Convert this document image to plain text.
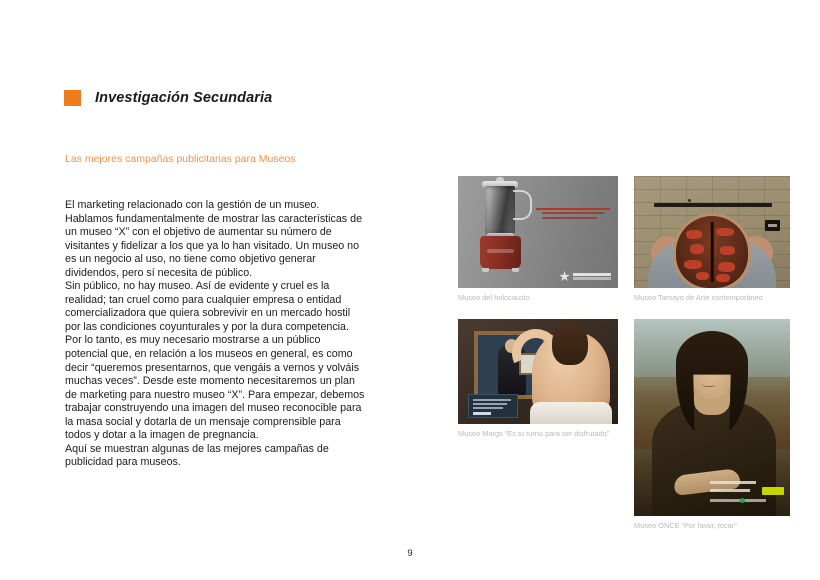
Investigación Secundaria
Las mejores campañas publicitarias para Museos

El marketing relacionado con la gestión de un museo. Hablamos fundamentalmente de mostrar las características de un museo “X” con el objetivo de aumentar su número de visitantes y fidelizar a los que ya lo han visitado. Un museo no es un negocio al uso, no tiene como objetivo generar dividendos, pero sí necesita de público.

Sin público, no hay museo. Así de evidente y cruel es la realidad; tan cruel como para cualquier empresa o entidad comercializadora que quiera sobrevivir en un mercado hostil por las condiciones coyunturales y por la dura competencia. Por lo tanto, es muy necesario mostrarse a un público potencial que, en relación a los museos en general, es como decir “queremos presentarnos, que vengáis a vernos y volváis muchas veces”. Desde este momento necesitaremos un plan de marketing para nuestro museo “X”. Para empezar, debemos trabajar construyendo una imagen del museo reconocible para la masa social y dotarla de un mensaje comprensible para todos y dotar a la imagen de pregnancia.

Aquí se muestran algunas de las mejores campañas de publicidad para museos.

Museo del holocausto	Museo Tamayo de Arte contemporáneo
Museo Margs “Es tu turno para ser disfrutado”
Museo ONCE “Por favor, tocar”
9
